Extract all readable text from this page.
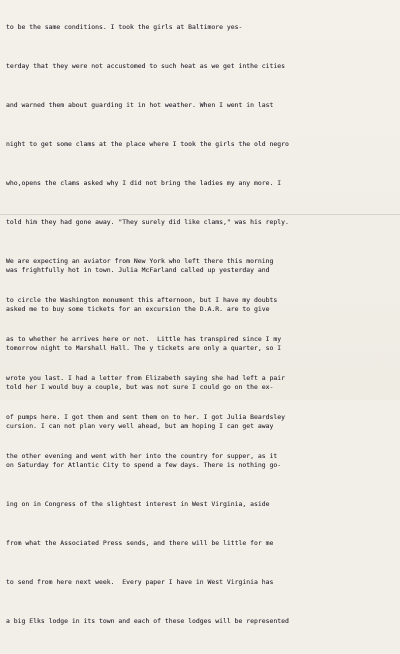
to be the same conditions. I took the girls at Baltimore yes-

terday that they were not accustomed to such heat as we get inthe cities

and warned them about guarding it in hot weather. When I went in last

night to get some clams at the place where I took the girls the old negro

who,opens the clams asked why I did not bring the ladies my any more. I

told him they had gone away. "They surely did like clams," was his reply.

We are expecting an aviator from New York who left there this morning

to circle the Washington monument this afternoon, but I have my doubts

as to whether he arrives here or not.  Little has transpired since I my

wrote you last. I had a letter from Elizabeth saying she had left a pair

of pumps here. I got them and sent them on to her. I got Julia Beardsley

the other evening and went with her into the country for supper, as it

was frightfully hot in town. Julia McFarland called up yesterday and

asked me to buy some tickets for an excursion the D.A.R. are to give

tomorrow night to Marshall Hall. The y tickets are only a quarter, so I

told her I would buy a couple, but was not sure I could go on the ex-

cursion. I can not plan very well ahead, but am hoping I can get away

on Saturday for Atlantic City to spend a few days. There is nothing go-

ing on in Congress of the slightest interest in West Virginia, aside

from what the Associated Press sends, and there will be little for me

to send from here next week.  Every paper I have in West Virginia has

a big Elks lodge in its town and each of these lodges will be represented
